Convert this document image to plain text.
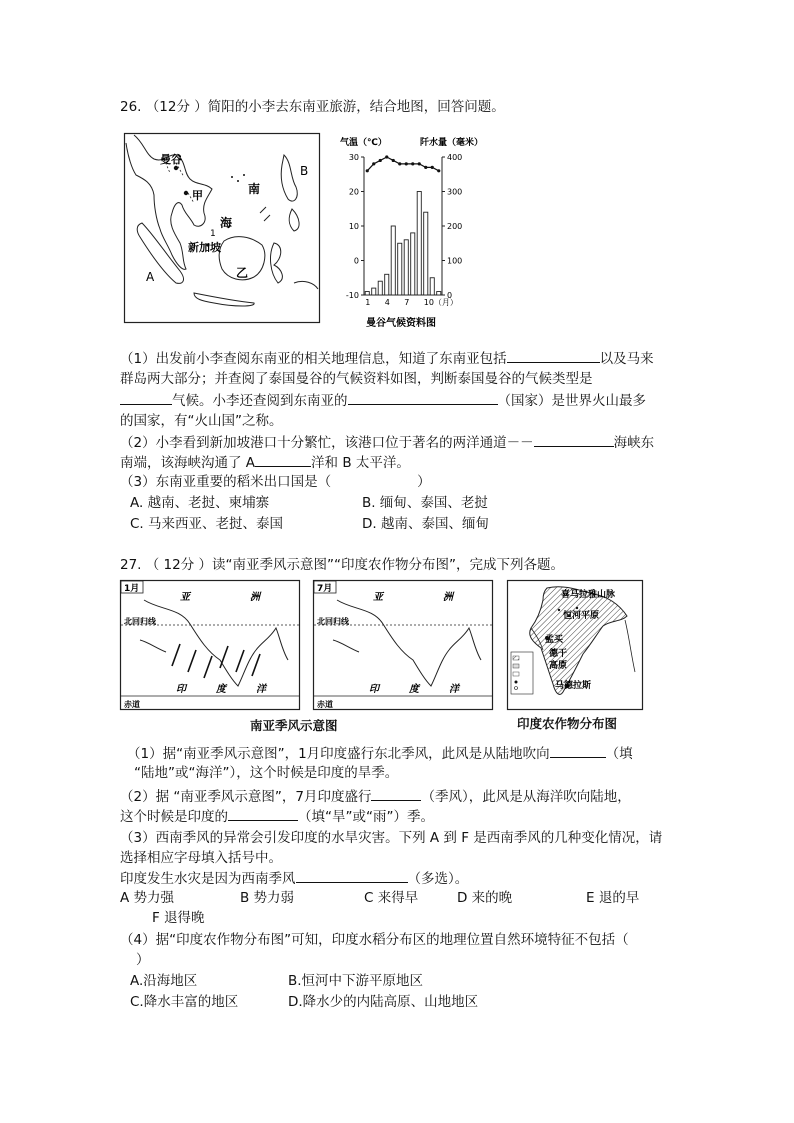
26. （12分 ）简阳的小李去东南亚旅游，结合地图，回答问题。
曼谷
甲	南
海
1
新加坡
乙
A
B
气温（℃）	阡水量（毫米）
30
20
10
0
-10
400
300
200
100
0
1 4 7 10（月）
曼谷气候资料图
（1）出发前小李查阅东南亚的相关地理信息，知道了东南亚包括	以及马来
群岛两大部分；并查阅了泰国曼谷的气候资料如图，判断泰国曼谷的气候类型是
气候。小李还查阅到东南亚的	（国家）是世界火山最多
的国家，有“火山国”之称。
（2）小李看到新加坡港口十分繁忙，该港口位于著名的两洋通道－－	海峡东
南端，该海峡沟通了 A	洋和 B 太平洋。
（3）东南亚重要的稻米出口国是（	）
A. 越南、老挝、柬埔寨	B. 缅甸、泰国、老挝
C. 马来西亚、老挝、泰国	D. 越南、泰国、缅甸
27. （ 12分 ）读“南亚季风示意图”“印度农作物分布图”，完成下列各题。
1月
北回归线
赤道
亚	洲
印	度	洋
7月
北回归线
赤道
亚	洲
印	度	洋
南亚季风示意图
喜马拉雅山脉
恒河平原
孟买
德干
高原
马德拉斯
印度农作物分布图
（1）据“南亚季风示意图”，1月印度盛行东北季风，此风是从陆地吹向	（填
“陆地”或“海洋”），这个时候是印度的旱季。
（2）据 “南亚季风示意图”，7月印度盛行	（季风），此风是从海洋吹向陆地，
这个时候是印度的	（填“旱”或“雨”）季。
（3）西南季风的异常会引发印度的水旱灾害。下列 A 到 F 是西南季风的几种变化情况，请
选择相应字母填入括号中。
印度发生水灾是因为西南季风	（多选）。
A 势力强	B 势力弱	C 来得早	D 来的晚	E 退的早
F 退得晚
（4）据“印度农作物分布图”可知，印度水稻分布区的地理位置自然环境特征不包括（
）
A.沿海地区	B.恒河中下游平原地区
C.降水丰富的地区	D.降水少的内陆高原、山地地区
